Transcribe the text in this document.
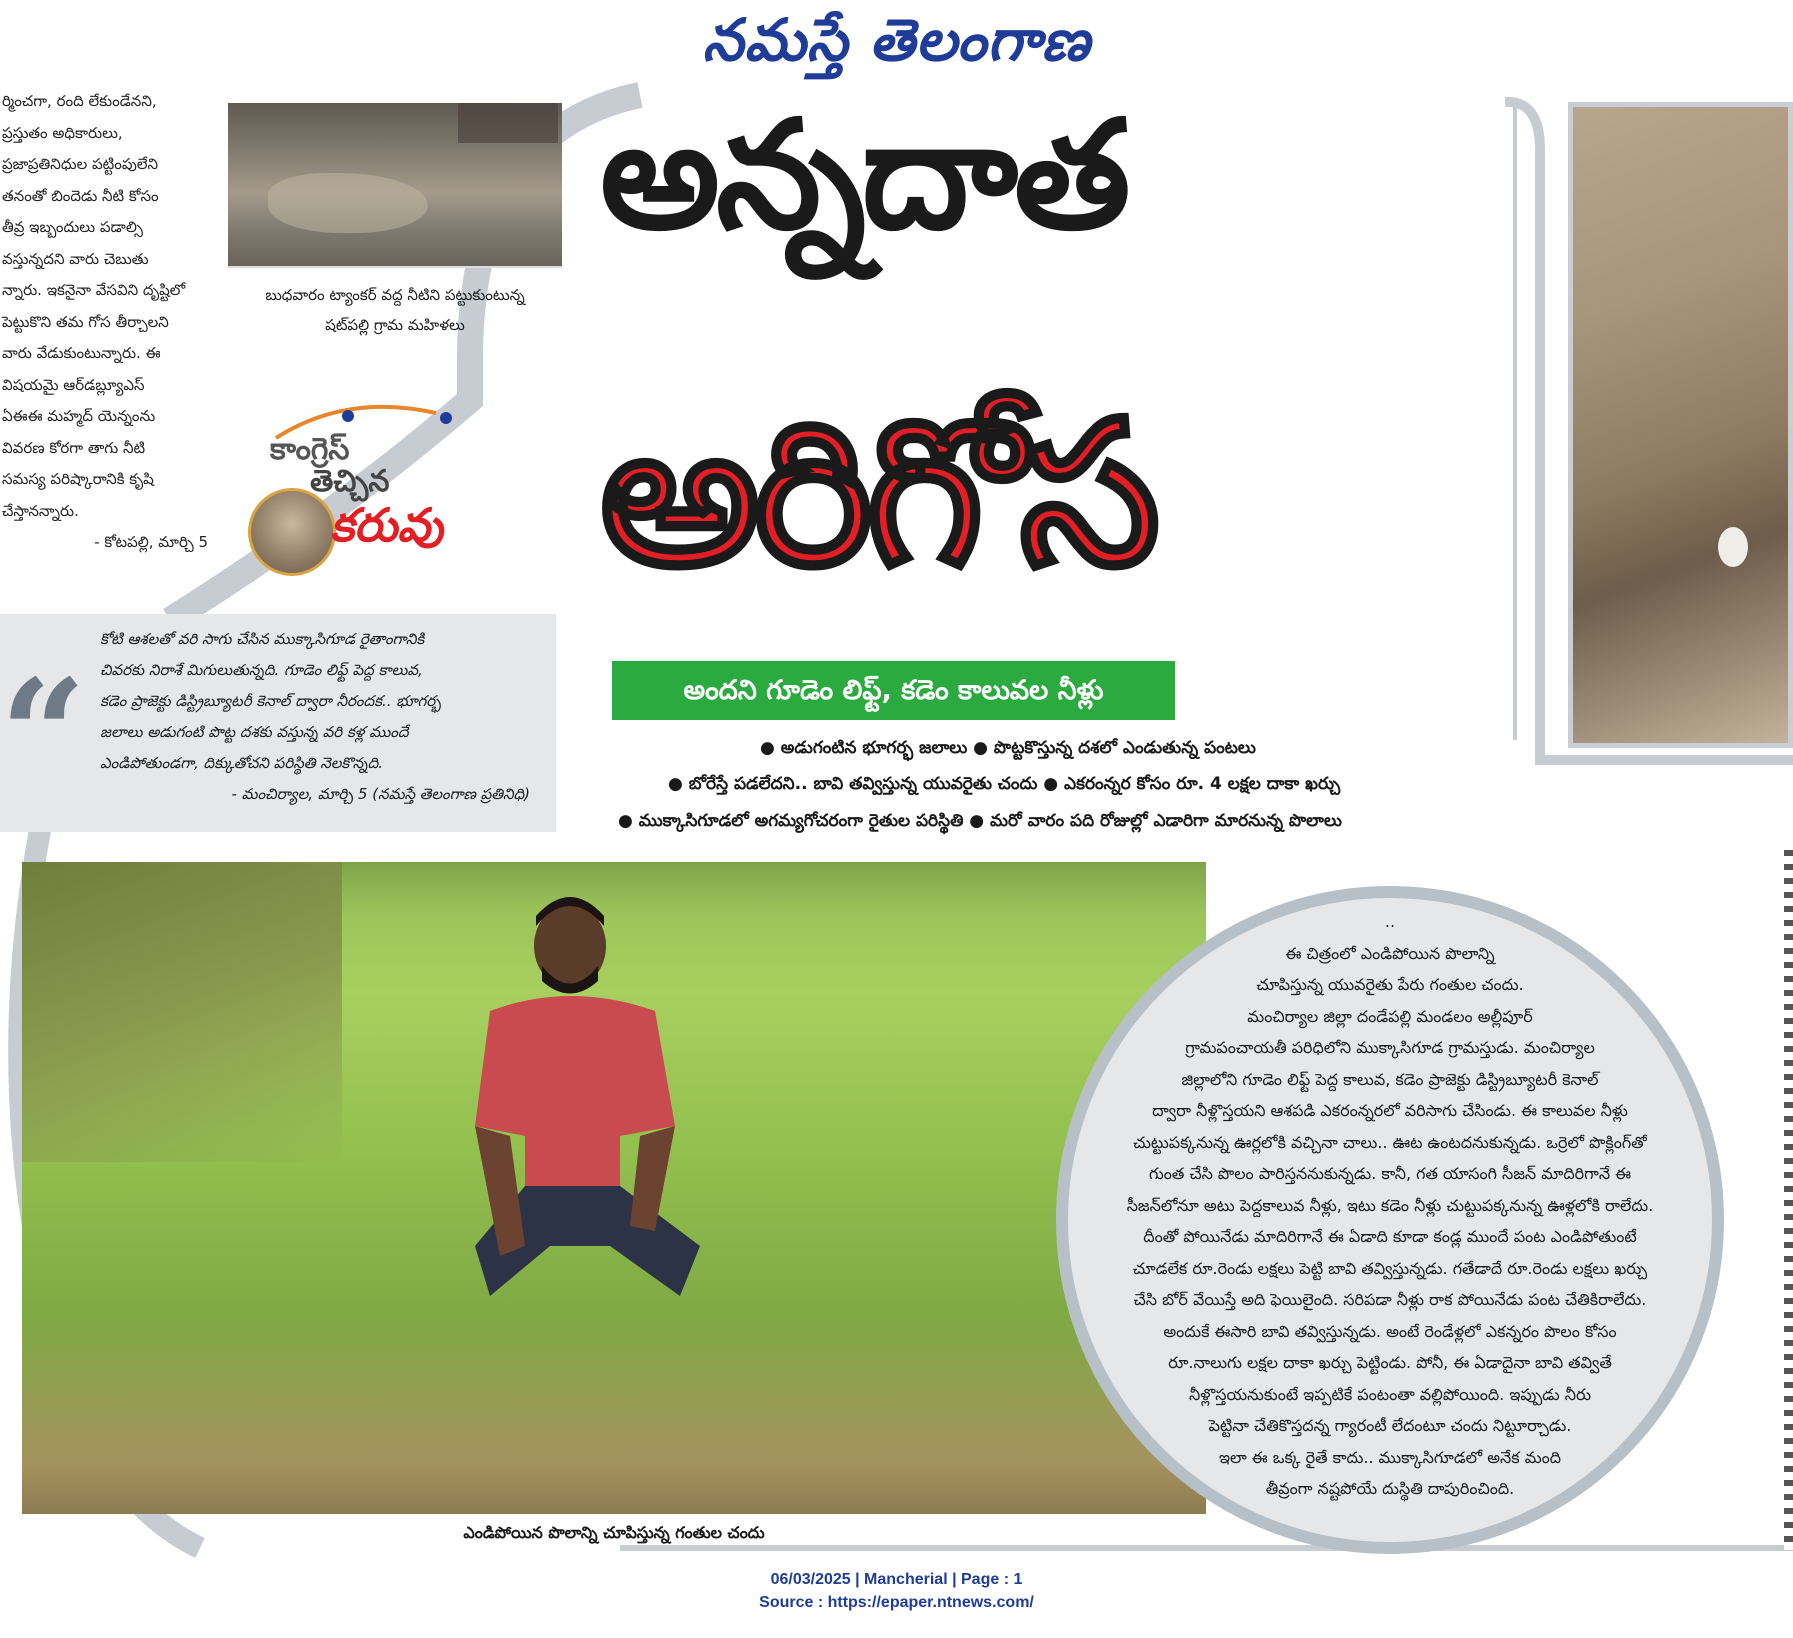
నమస్తే తెలంగాణ
ర్మించగా, రంది లేకుండేనని,
ప్రస్తుతం అధికారులు,
ప్రజాప్రతినిధుల పట్టింపులేని
తనంతో బిందెడు నీటి కోసం
తీవ్ర ఇబ్బందులు పడాల్సి
వస్తున్నదని వారు చెబుతు
న్నారు. ఇకనైనా వేసవిని దృష్టిలో
పెట్టుకొని తమ గోస తీర్చాలని
వారు వేడుకుంటున్నారు. ఈ
విషయమై ఆర్‌డబ్ల్యూఎస్
ఏఈఈ మహ్మద్ యెన్నంను
వివరణ కోరగా తాగు నీటి
సమస్య పరిష్కారానికి కృషి
చేస్తానన్నారు.
- కోటపల్లి, మార్చి 5
బుధవారం ట్యాంకర్ వద్ద నీటిని పట్టుకుంటున్న
షట్‌పల్లి గ్రామ మహిళలు
కాంగ్రెస్
తెచ్చిన
కరువు
అన్నదాత
అరిగోస
“
కోటి ఆశలతో వరి సాగు చేసిన ముక్కాసిగూడ రైతాంగానికి
చివరకు నిరాశే మిగులుతున్నది. గూడెం లిఫ్ట్ పెద్ద కాలువ,
కడెం ప్రాజెక్టు డిస్ట్రిబ్యూటరీ కెనాల్ ద్వారా నీరందక.. భూగర్భ
జలాలు అడుగంటి పొట్ట దశకు వస్తున్న వరి కళ్ల ముందే
ఎండిపోతుండగా, దిక్కుతోచని పరిస్థితి నెలకొన్నది.
- మంచిర్యాల, మార్చి 5 (నమస్తే తెలంగాణ ప్రతినిధి)
అందని గూడెం లిఫ్ట్, కడెం కాలువల నీళ్లు
● అడుగంటిన భూగర్భ జలాలు ● పొట్టకొస్తున్న దశలో ఎండుతున్న పంటలు
● బోరేస్తే పడలేదని.. బావి తవ్విస్తున్న యువరైతు చందు ● ఎకరంన్నర కోసం రూ. 4 లక్షల దాకా ఖర్చు
● ముక్కాసిగూడలో అగమ్యగోచరంగా రైతుల పరిస్థితి ● మరో వారం పది రోజుల్లో ఎడారిగా మారనున్న పొలాలు
ఎండిపోయిన పొలాన్ని చూపిస్తున్న గంతుల చందు
..
ఈ చిత్రంలో ఎండిపోయిన పొలాన్ని
చూపిస్తున్న యువరైతు పేరు గంతుల చందు.
మంచిర్యాల జిల్లా దండేపల్లి మండలం అల్లీపూర్
గ్రామపంచాయతీ పరిధిలోని ముక్కాసిగూడ గ్రామస్తుడు. మంచిర్యాల
జిల్లాలోని గూడెం లిఫ్ట్ పెద్ద కాలువ, కడెం ప్రాజెక్టు డిస్ట్రిబ్యూటరీ కెనాల్
ద్వారా నీళ్లొస్తయని ఆశపడి ఎకరంన్నరలో వరిసాగు చేసిండు. ఈ కాలువల నీళ్లు
చుట్టుపక్కనున్న ఊర్లలోకి వచ్చినా చాలు.. ఊట ఉంటదనుకున్నడు. ఒర్రెలో పొక్లింగ్‌తో
గుంత చేసి పొలం పారిస్తననుకున్నడు. కానీ, గత యాసంగి సీజన్ మాదిరిగానే ఈ
సీజన్‌లోనూ అటు పెద్దకాలువ నీళ్లు, ఇటు కడెం నీళ్లు చుట్టుపక్కనున్న ఊళ్లలోకి రాలేదు.
దీంతో పోయినేడు మాదిరిగానే ఈ ఏడాది కూడా కండ్ల ముందే పంట ఎండిపోతుంటే
చూడలేక రూ.రెండు లక్షలు పెట్టి బావి తవ్విస్తున్నడు. గతేడాదే రూ.రెండు లక్షలు ఖర్చు
చేసి బోర్ వేయిస్తే అది ఫెయిలైంది. సరిపడా నీళ్లు రాక పోయినేడు పంట చేతికిరాలేదు.
అందుకే ఈసారి బావి తవ్విస్తున్నడు. అంటే రెండేళ్లలో ఎకన్నరం పొలం కోసం
రూ.నాలుగు లక్షల దాకా ఖర్చు పెట్టిండు. పోనీ, ఈ ఏడాదైనా బావి తవ్వితే
నీళ్లొస్తయనుకుంటే ఇప్పటికే పంటంతా వల్లిపోయింది. ఇప్పుడు నీరు
పెట్టినా చేతికొస్తదన్న గ్యారంటీ లేదంటూ చందు నిట్టూర్చాడు.
ఇలా ఈ ఒక్క రైతే కాదు.. ముక్కాసిగూడలో అనేక మంది
తీవ్రంగా నష్టపోయే దుస్థితి దాపురించింది.
06/03/2025 | Mancherial | Page : 1
Source : https://epaper.ntnews.com/
